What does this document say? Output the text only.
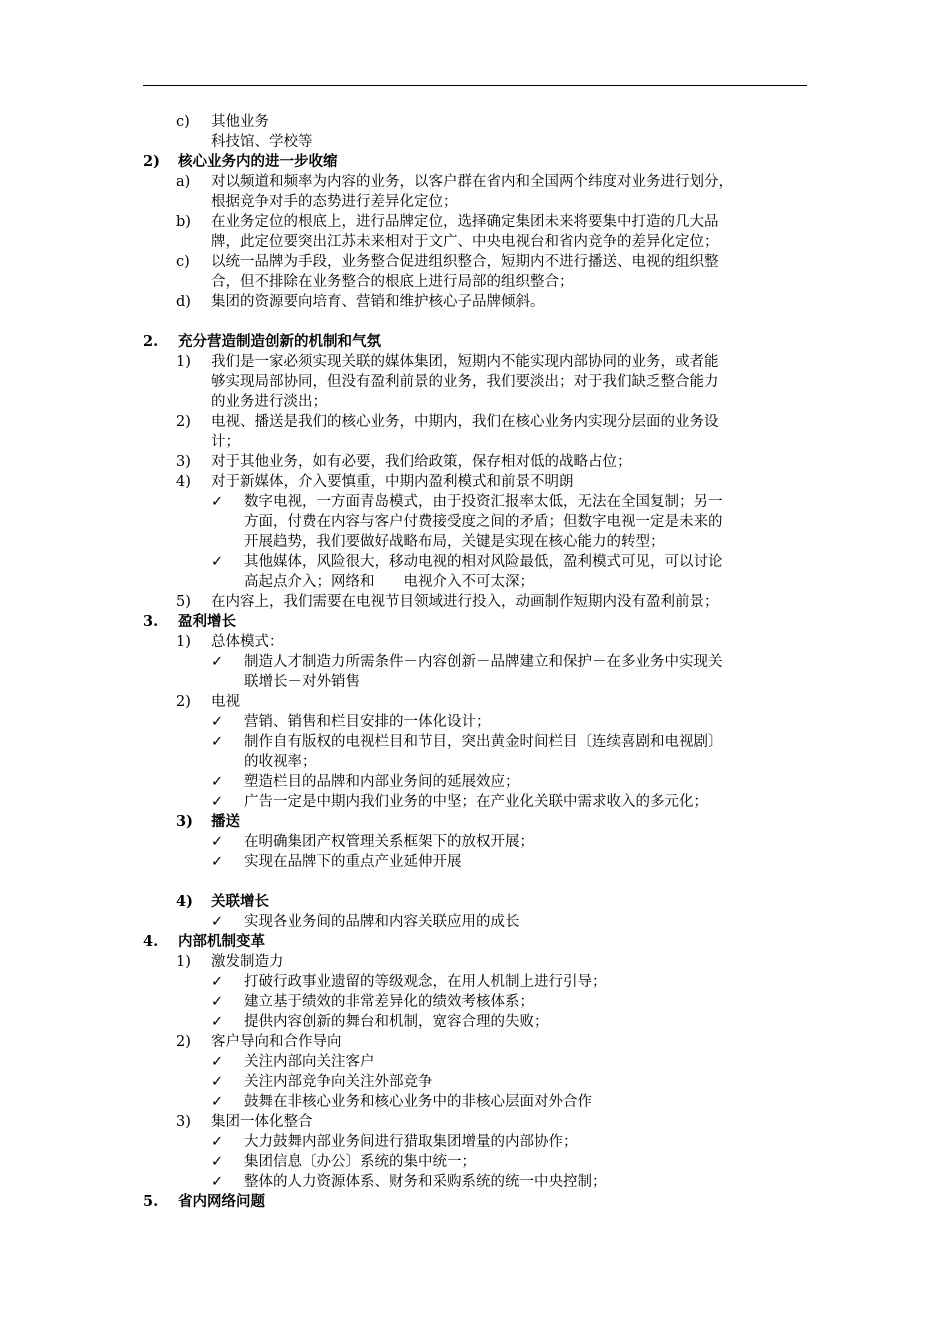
c) 其他业务
科技馆、学校等
2) 核心业务内的进一步收缩
a) 对以频道和频率为内容的业务，以客户群在省内和全国两个纬度对业务进行划分，
根据竞争对手的态势进行差异化定位；
b) 在业务定位的根底上，进行品牌定位，选择确定集团未来将要集中打造的几大品
牌，此定位要突出江苏未来相对于文广、中央电视台和省内竞争的差异化定位；
c) 以统一品牌为手段，业务整合促进组织整合，短期内不进行播送、电视的组织整
合，但不排除在业务整合的根底上进行局部的组织整合；
d) 集团的资源要向培育、营销和维护核心子品牌倾斜。
2. 充分营造制造创新的机制和气氛
1) 我们是一家必须实现关联的媒体集团，短期内不能实现内部协同的业务，或者能
够实现局部协同，但没有盈利前景的业务，我们要淡出；对于我们缺乏整合能力
的业务进行淡出；
2) 电视、播送是我们的核心业务，中期内，我们在核心业务内实现分层面的业务设
计；
3) 对于其他业务，如有必要，我们给政策，保存相对低的战略占位；
4) 对于新媒体，介入要慎重，中期内盈利模式和前景不明朗
✓ 数字电视，一方面青岛模式，由于投资汇报率太低，无法在全国复制；另一
方面，付费在内容与客户付费接受度之间的矛盾；但数字电视一定是未来的
开展趋势，我们要做好战略布局，关键是实现在核心能力的转型；
✓ 其他媒体，风险很大，移动电视的相对风险最低，盈利模式可见，可以讨论
高起点介入；网络和　　电视介入不可太深；
5) 在内容上，我们需要在电视节目领域进行投入，动画制作短期内没有盈利前景；
3. 盈利增长
1) 总体模式：
✓ 制造人才制造力所需条件－内容创新－品牌建立和保护－在多业务中实现关
联增长－对外销售
2) 电视
✓ 营销、销售和栏目安排的一体化设计；
✓ 制作自有版权的电视栏目和节目，突出黄金时间栏目〔连续喜剧和电视剧〕
的收视率；
✓ 塑造栏目的品牌和内部业务间的延展效应；
✓ 广告一定是中期内我们业务的中坚；在产业化关联中需求收入的多元化；
3) 播送
✓ 在明确集团产权管理关系框架下的放权开展；
✓ 实现在品牌下的重点产业延伸开展
4) 关联增长
✓ 实现各业务间的品牌和内容关联应用的成长
4. 内部机制变革
1) 激发制造力
✓ 打破行政事业遗留的等级观念，在用人机制上进行引导；
✓ 建立基于绩效的非常差异化的绩效考核体系；
✓ 提供内容创新的舞台和机制，宽容合理的失败；
2) 客户导向和合作导向
✓ 关注内部向关注客户
✓ 关注内部竞争向关注外部竞争
✓ 鼓舞在非核心业务和核心业务中的非核心层面对外合作
3) 集团一体化整合
✓ 大力鼓舞内部业务间进行猎取集团增量的内部协作；
✓ 集团信息〔办公〕系统的集中统一；
✓ 整体的人力资源体系、财务和采购系统的统一中央控制；
5. 省内网络问题
